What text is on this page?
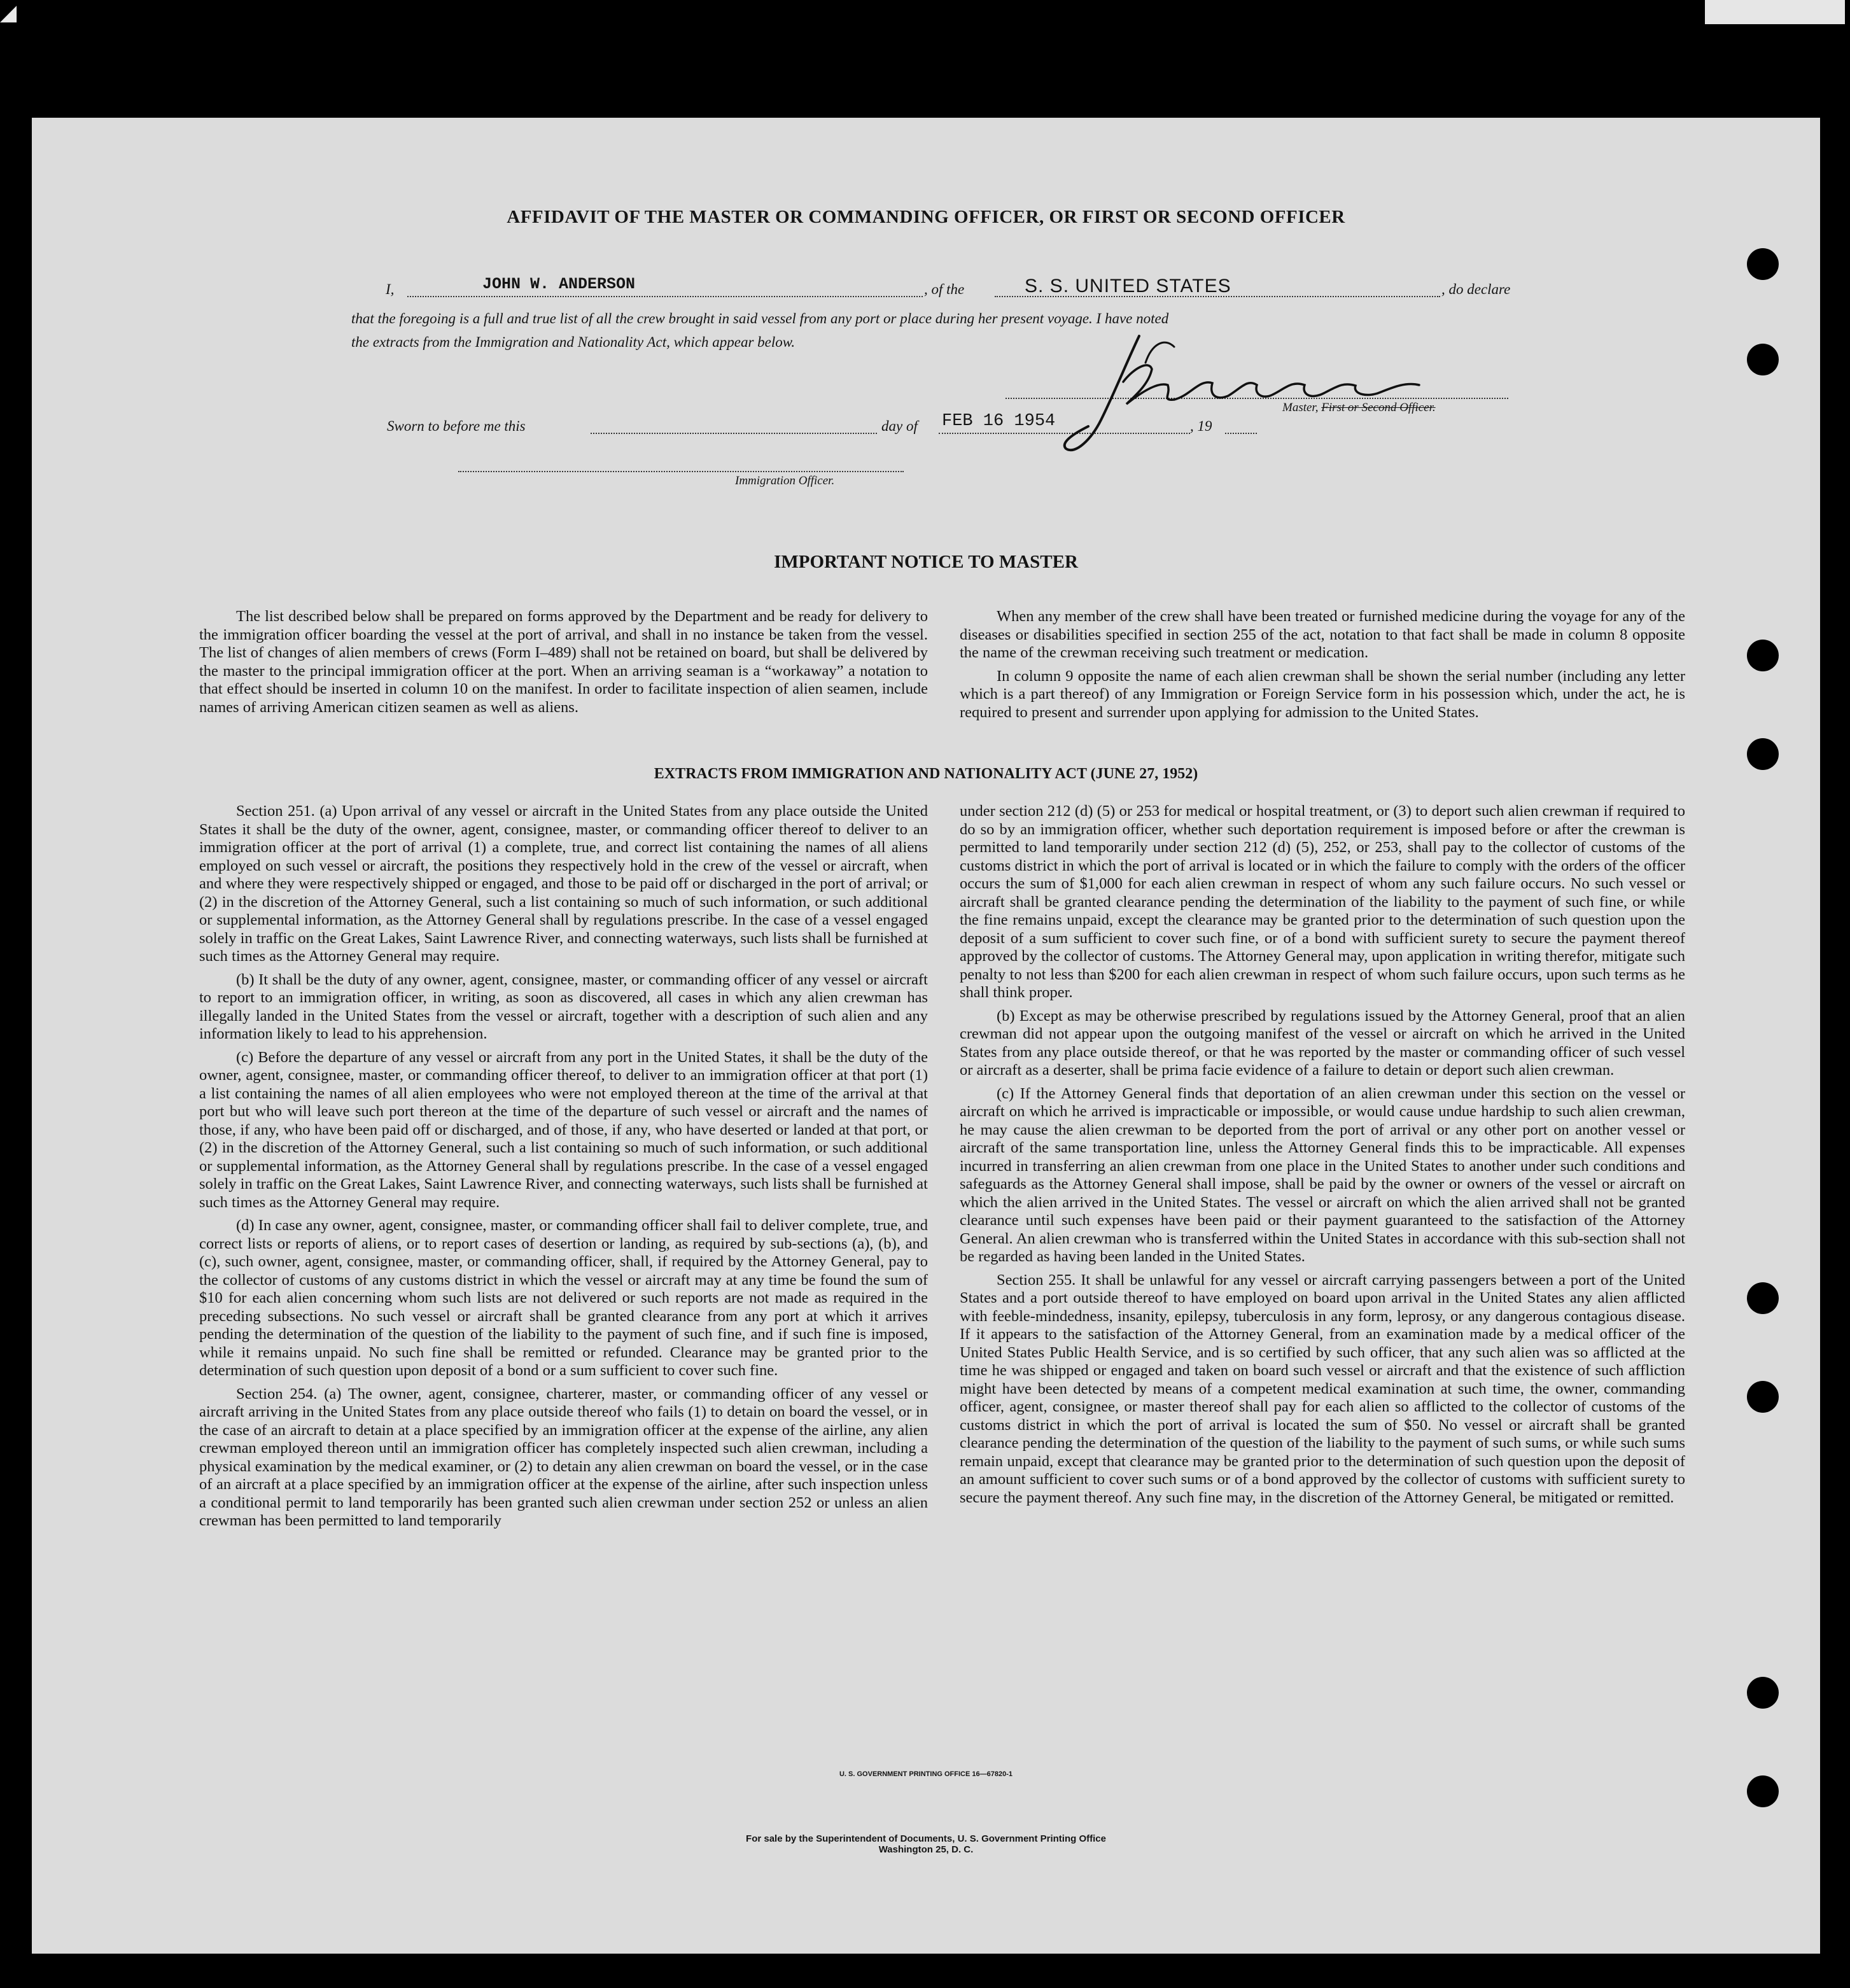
◢
AFFIDAVIT OF THE MASTER OR COMMANDING OFFICER, OR FIRST OR SECOND OFFICER
I,	JOHN W. ANDERSON	, of the	S. S. UNITED STATES	, do declare
that the foregoing is a full and true list of all the crew brought in said vessel from any port or place during her present voyage. I have noted
the extracts from the Immigration and Nationality Act, which appear below.
Master, First or Second Officer.
Sworn to before me this	day of FEB 16 1954	, 19
Immigration Officer.
IMPORTANT NOTICE TO MASTER

The list described below shall be prepared on forms approved by the Department and be ready for delivery to the immigration officer boarding the vessel at the port of arrival, and shall in no instance be taken from the vessel. The list of changes of alien members of crews (Form I–489) shall not be retained on board, but shall be delivered by the master to the principal immigration officer at the port. When an arriving seaman is a “workaway” a notation to that effect should be inserted in column 10 on the manifest. In order to facilitate inspection of alien seamen, include names of arriving American citizen seamen as well as aliens.

When any member of the crew shall have been treated or furnished medicine during the voyage for any of the diseases or disabilities specified in section 255 of the act, notation to that fact shall be made in column 8 opposite the name of the crewman receiving such treatment or medication.

In column 9 opposite the name of each alien crewman shall be shown the serial number (including any letter which is a part thereof) of any Immigration or Foreign Service form in his possession which, under the act, he is required to present and surrender upon applying for admission to the United States.

EXTRACTS FROM IMMIGRATION AND NATIONALITY ACT (JUNE 27, 1952)

Section 251. (a) Upon arrival of any vessel or aircraft in the United States from any place outside the United States it shall be the duty of the owner, agent, consignee, master, or commanding officer thereof to deliver to an immigration officer at the port of arrival (1) a complete, true, and correct list containing the names of all aliens employed on such vessel or aircraft, the positions they respectively hold in the crew of the vessel or aircraft, when and where they were respectively shipped or engaged, and those to be paid off or discharged in the port of arrival; or (2) in the discretion of the Attorney General, such a list containing so much of such information, or such additional or supplemental information, as the Attorney General shall by regulations prescribe. In the case of a vessel engaged solely in traffic on the Great Lakes, Saint Lawrence River, and connecting waterways, such lists shall be furnished at such times as the Attorney General may require.

(b) It shall be the duty of any owner, agent, consignee, master, or commanding officer of any vessel or aircraft to report to an immigration officer, in writing, as soon as discovered, all cases in which any alien crewman has illegally landed in the United States from the vessel or aircraft, together with a description of such alien and any information likely to lead to his apprehension.

(c) Before the departure of any vessel or aircraft from any port in the United States, it shall be the duty of the owner, agent, consignee, master, or commanding officer thereof, to deliver to an immigration officer at that port (1) a list containing the names of all alien employees who were not employed thereon at the time of the arrival at that port but who will leave such port thereon at the time of the departure of such vessel or aircraft and the names of those, if any, who have been paid off or discharged, and of those, if any, who have deserted or landed at that port, or (2) in the discretion of the Attorney General, such a list containing so much of such information, or such additional or supplemental information, as the Attorney General shall by regulations prescribe. In the case of a vessel engaged solely in traffic on the Great Lakes, Saint Lawrence River, and connecting waterways, such lists shall be furnished at such times as the Attorney General may require.

(d) In case any owner, agent, consignee, master, or commanding officer shall fail to deliver complete, true, and correct lists or reports of aliens, or to report cases of desertion or landing, as required by sub-sections (a), (b), and (c), such owner, agent, consignee, master, or commanding officer, shall, if required by the Attorney General, pay to the collector of customs of any customs district in which the vessel or aircraft may at any time be found the sum of $10 for each alien concerning whom such lists are not delivered or such reports are not made as required in the preceding subsections. No such vessel or aircraft shall be granted clearance from any port at which it arrives pending the determination of the question of the liability to the payment of such fine, and if such fine is imposed, while it remains unpaid. No such fine shall be remitted or refunded. Clearance may be granted prior to the determination of such question upon deposit of a bond or a sum sufficient to cover such fine.

Section 254. (a) The owner, agent, consignee, charterer, master, or commanding officer of any vessel or aircraft arriving in the United States from any place outside thereof who fails (1) to detain on board the vessel, or in the case of an aircraft to detain at a place specified by an immigration officer at the expense of the airline, any alien crewman employed thereon until an immigration officer has completely inspected such alien crewman, including a physical examination by the medical examiner, or (2) to detain any alien crewman on board the vessel, or in the case of an aircraft at a place specified by an immigration officer at the expense of the airline, after such inspection unless a conditional permit to land temporarily has been granted such alien crewman under section 252 or unless an alien crewman has been permitted to land temporarily

under section 212 (d) (5) or 253 for medical or hospital treatment, or (3) to deport such alien crewman if required to do so by an immigration officer, whether such deportation requirement is imposed before or after the crewman is permitted to land temporarily under section 212 (d) (5), 252, or 253, shall pay to the collector of customs of the customs district in which the port of arrival is located or in which the failure to comply with the orders of the officer occurs the sum of $1,000 for each alien crewman in respect of whom any such failure occurs. No such vessel or aircraft shall be granted clearance pending the determination of the liability to the payment of such fine, or while the fine remains unpaid, except the clearance may be granted prior to the determination of such question upon the deposit of a sum sufficient to cover such fine, or of a bond with sufficient surety to secure the payment thereof approved by the collector of customs. The Attorney General may, upon application in writing therefor, mitigate such penalty to not less than $200 for each alien crewman in respect of whom such failure occurs, upon such terms as he shall think proper.

(b) Except as may be otherwise prescribed by regulations issued by the Attorney General, proof that an alien crewman did not appear upon the outgoing manifest of the vessel or aircraft on which he arrived in the United States from any place outside thereof, or that he was reported by the master or commanding officer of such vessel or aircraft as a deserter, shall be prima facie evidence of a failure to detain or deport such alien crewman.

(c) If the Attorney General finds that deportation of an alien crewman under this section on the vessel or aircraft on which he arrived is impracticable or impossible, or would cause undue hardship to such alien crewman, he may cause the alien crewman to be deported from the port of arrival or any other port on another vessel or aircraft of the same transportation line, unless the Attorney General finds this to be impracticable. All expenses incurred in transferring an alien crewman from one place in the United States to another under such conditions and safeguards as the Attorney General shall impose, shall be paid by the owner or owners of the vessel or aircraft on which the alien arrived in the United States. The vessel or aircraft on which the alien arrived shall not be granted clearance until such expenses have been paid or their payment guaranteed to the satisfaction of the Attorney General. An alien crewman who is transferred within the United States in accordance with this sub-section shall not be regarded as having been landed in the United States.

Section 255. It shall be unlawful for any vessel or aircraft carrying passengers between a port of the United States and a port outside thereof to have employed on board upon arrival in the United States any alien afflicted with feeble-mindedness, insanity, epilepsy, tuberculosis in any form, leprosy, or any dangerous contagious disease. If it appears to the satisfaction of the Attorney General, from an examination made by a medical officer of the United States Public Health Service, and is so certified by such officer, that any such alien was so afflicted at the time he was shipped or engaged and taken on board such vessel or aircraft and that the existence of such affliction might have been detected by means of a competent medical examination at such time, the owner, commanding officer, agent, consignee, or master thereof shall pay for each alien so afflicted to the collector of customs of the customs district in which the port of arrival is located the sum of $50. No vessel or aircraft shall be granted clearance pending the determination of the question of the liability to the payment of such sums, or while such sums remain unpaid, except that clearance may be granted prior to the determination of such question upon the deposit of an amount sufficient to cover such sums or of a bond approved by the collector of customs with sufficient surety to secure the payment thereof. Any such fine may, in the discretion of the Attorney General, be mitigated or remitted.

U. S. GOVERNMENT PRINTING OFFICE 16—67820-1
For sale by the Superintendent of Documents, U. S. Government Printing Office
Washington 25, D. C.
